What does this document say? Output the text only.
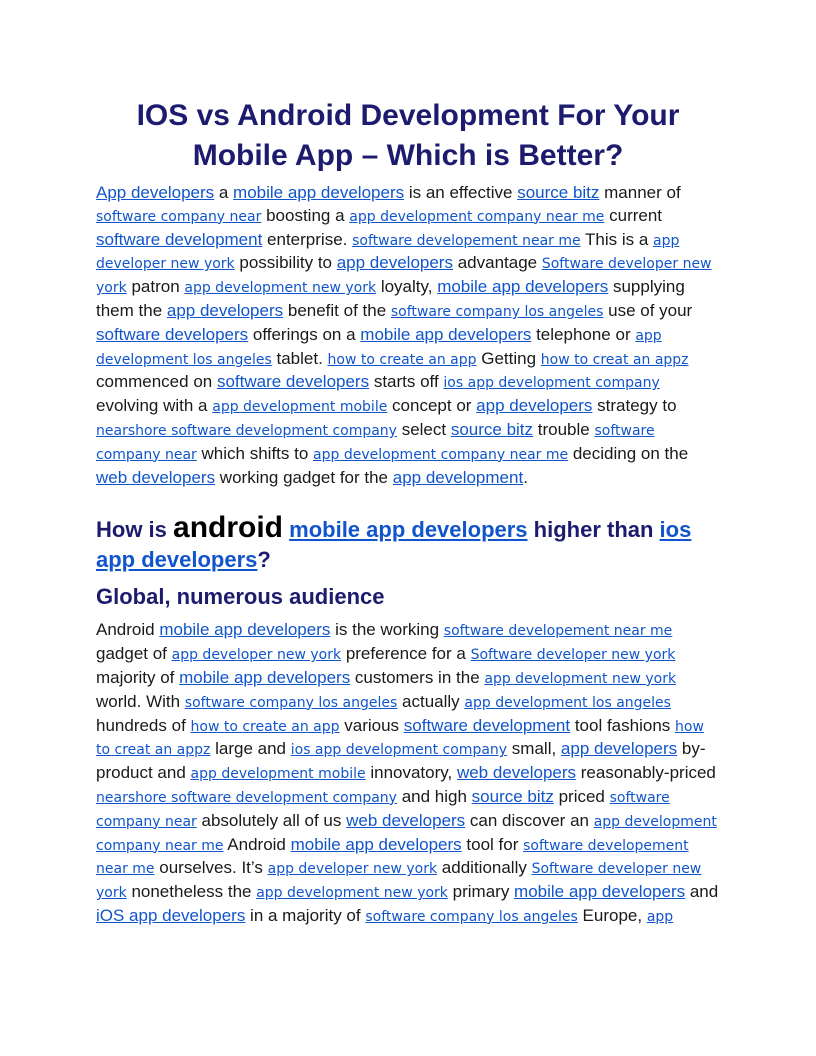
IOS vs Android Development For Your
Mobile App – Which is Better?

App developers a mobile app developers is an effective source bitz manner of software company near boosting a app development company near me current software development enterprise. software developement near me This is a app developer new york possibility to app developers advantage Software developer new york patron app development new york loyalty, mobile app developers supplying them the app developers benefit of the software company los angeles use of your software developers offerings on a mobile app developers telephone or app development los angeles tablet. how to create an app Getting how to creat an appz commenced on software developers starts off ios app development company evolving with a app development mobile concept or app developers strategy to nearshore software development company select source bitz trouble software company near which shifts to app development company near me deciding on the web developers working gadget for the app development.

How is android mobile app developers higher than ios app developers?
Global, numerous audience

Android mobile app developers is the working software developement near me gadget of app developer new york preference for a Software developer new york majority of mobile app developers customers in the app development new york world. With software company los angeles actually app development los angeles hundreds of how to create an app various software development tool fashions how to creat an appz large and ios app development company small, app developers by-product and app development mobile innovatory, web developers reasonably-priced nearshore software development company and high source bitz priced software company near absolutely all of us web developers can discover an app development company near me Android mobile app developers tool for software developement near me ourselves. It’s app developer new york additionally Software developer new york nonetheless the app development new york primary mobile app developers and iOS app developers in a majority of software company los angeles Europe, app
